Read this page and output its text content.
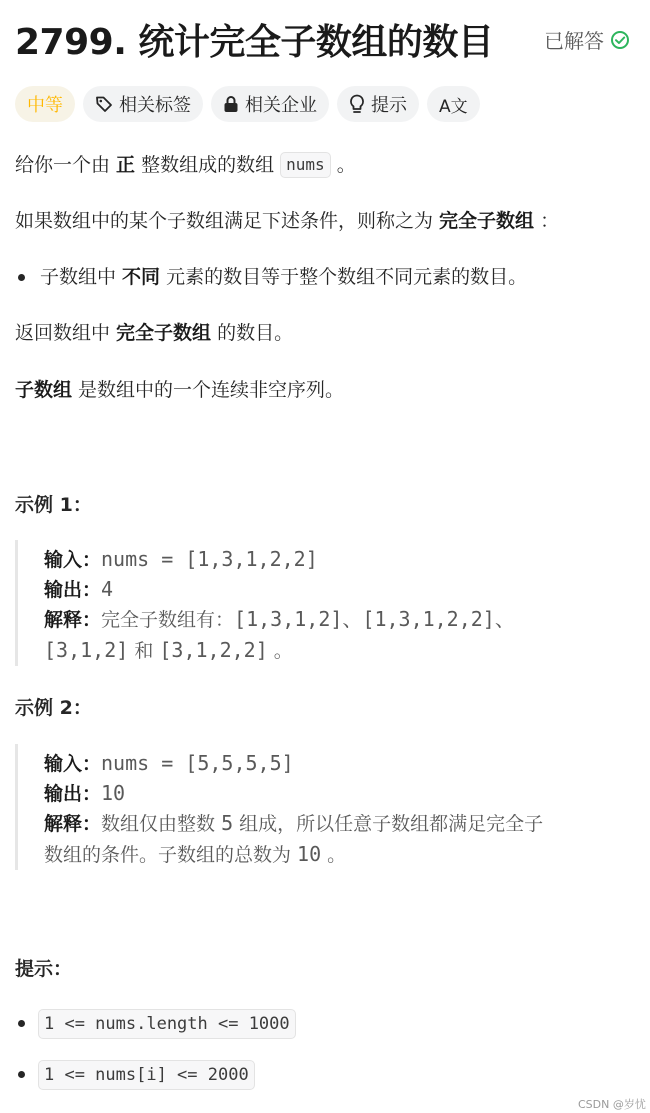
2799. 统计完全子数组的数目	已解答
中等	相关标签	相关企业	提示 A文

给你一个由 正 整数组成的数组 nums 。

如果数组中的某个子数组满足下述条件，则称之为 完全子数组 ：

子数组中 不同 元素的数目等于整个数组不同元素的数目。

返回数组中 完全子数组 的数目。

子数组 是数组中的一个连续非空序列。

示例 1：

输入：nums = [1,3,1,2,2]
输出：4
解释：完全子数组有：[1,3,1,2]、[1,3,1,2,2]、
[3,1,2] 和 [3,1,2,2] 。

示例 2：

输入：nums = [5,5,5,5]
输出：10
解释：数组仅由整数 5 组成，所以任意子数组都满足完全子
数组的条件。子数组的总数为 10 。

提示：

1 <= nums.length <= 1000
1 <= nums[i] <= 2000
CSDN @岁忧
